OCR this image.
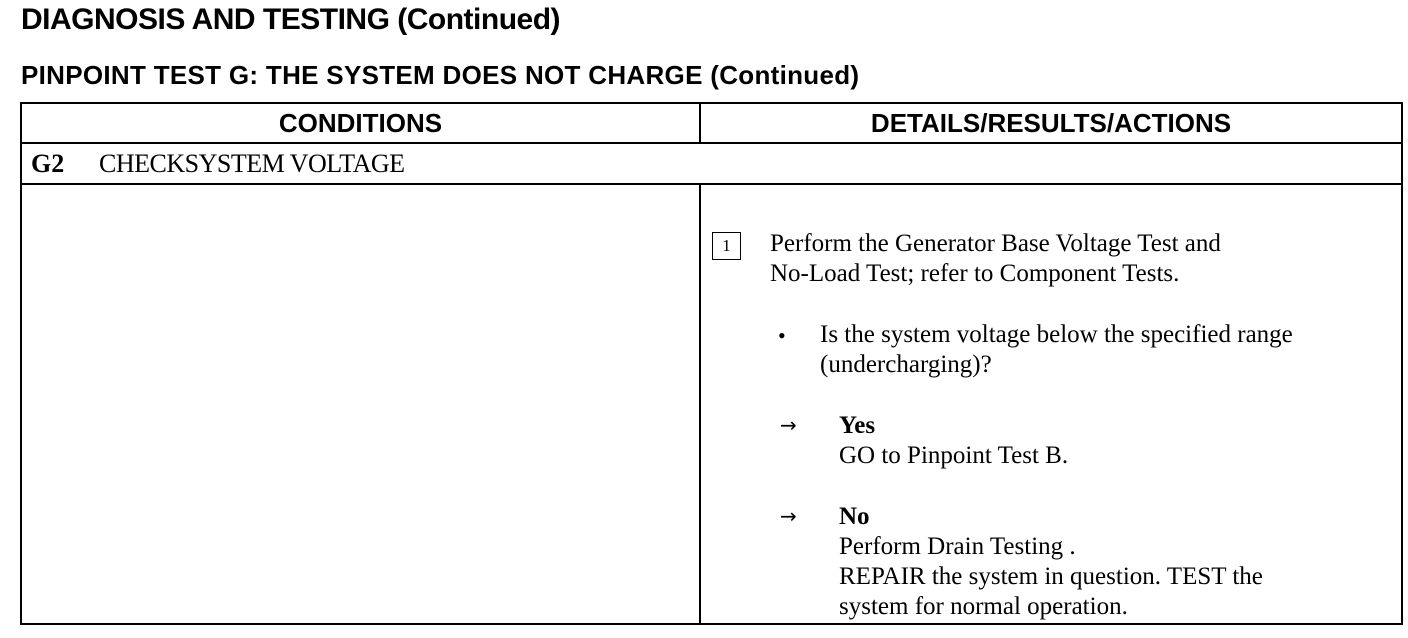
DIAGNOSIS AND TESTING (Continued)
PINPOINT TEST G: THE SYSTEM DOES NOT CHARGE (Continued)
CONDITIONS	DETAILS/RESULTS/ACTIONS
G2 CHECKSYSTEM VOLTAGE
1	Perform the Generator Base Voltage Test and
No-Load Test; refer to Component Tests.
• Is the system voltage below the specified range
(undercharging)?
→ Yes
GO to Pinpoint Test B.
→ No
Perform Drain Testing .
REPAIR the system in question. TEST the
system for normal operation.
